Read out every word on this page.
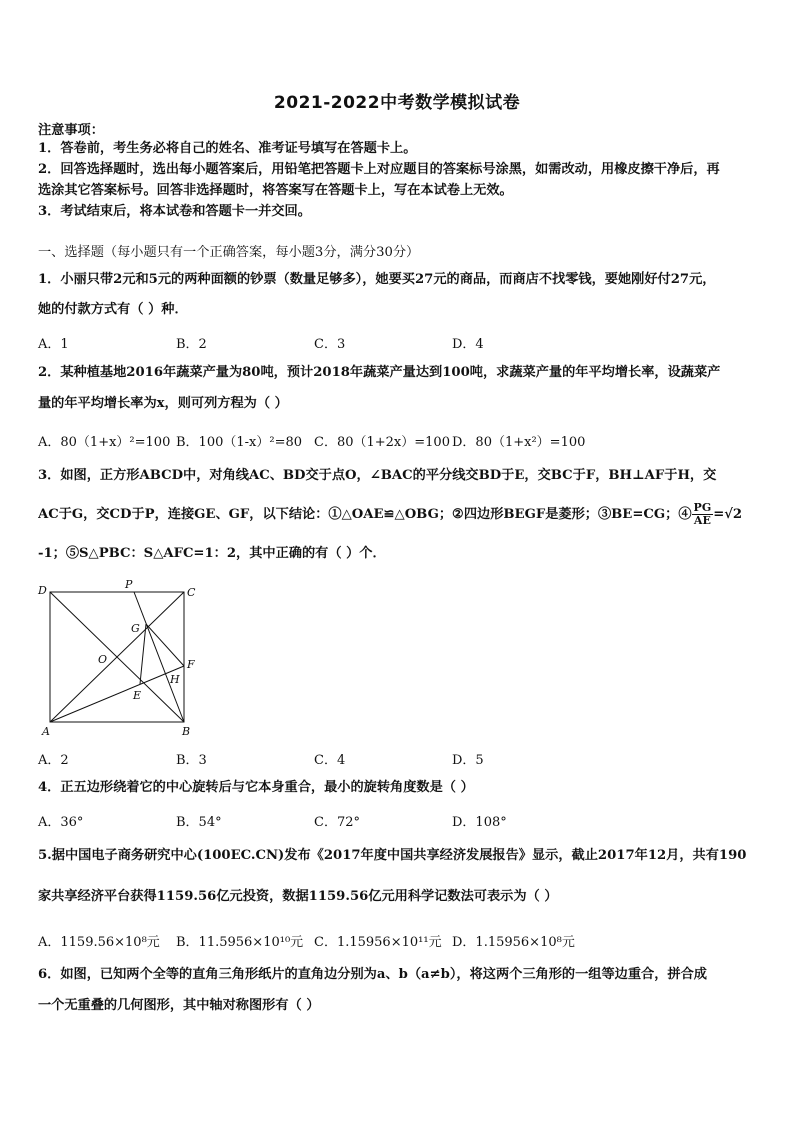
2021-2022中考数学模拟试卷
注意事项：
1．答卷前，考生务必将自己的姓名、准考证号填写在答题卡上。
2．回答选择题时，选出每小题答案后，用铅笔把答题卡上对应题目的答案标号涂黑，如需改动，用橡皮擦干净后，再
选涂其它答案标号。回答非选择题时，将答案写在答题卡上，写在本试卷上无效。
3．考试结束后，将本试卷和答题卡一并交回。
一、选择题（每小题只有一个正确答案，每小题3分，满分30分）
1．小丽只带2元和5元的两种面额的钞票（数量足够多），她要买27元的商品，而商店不找零钱，要她刚好付27元，
她的付款方式有（ ）种．
A．1	B．2	C．3	D．4
2．某种植基地2016年蔬菜产量为80吨，预计2018年蔬菜产量达到100吨，求蔬菜产量的年平均增长率，设蔬菜产
量的年平均增长率为x，则可列方程为（ ）
A．80（1+x）²=100 B．100（1-x）²=80 C．80（1+2x）=100 D．80（1+x²）=100
3．如图，正方形ABCD中，对角线AC、BD交于点O，∠BAC的平分线交BD于E，交BC于F，BH⊥AF于H，交
AC于G，交CD于P，连接GE、GF，以下结论：①△OAE≌△OBG；②四边形BEGF是菱形；③BE=CG；④ $\frac{PG}{AE} =√2$
-1；⑤S△PBC：S△AFC=1：2，其中正确的有（ ）个．
D	P
C
G
O	F
H
E
A	B
A．2	B．3	C．4	D．5
4．正五边形绕着它的中心旋转后与它本身重合，最小的旋转角度数是（ ）
A．36°	B．54°	C．72°	D．108°
5.据中国电子商务研究中心(100EC.CN)发布《2017年度中国共享经济发展报告》显示，截止2017年12月，共有190
家共享经济平台获得1159.56亿元投资，数据1159.56亿元用科学记数法可表示为（ ）
A．1159.56×10⁸元 B．11.5956×10¹⁰元 C．1.15956×10¹¹元 D．1.15956×10⁸元
6．如图，已知两个全等的直角三角形纸片的直角边分别为a、b（a≠b），将这两个三角形的一组等边重合，拼合成
一个无重叠的几何图形，其中轴对称图形有（ ）
